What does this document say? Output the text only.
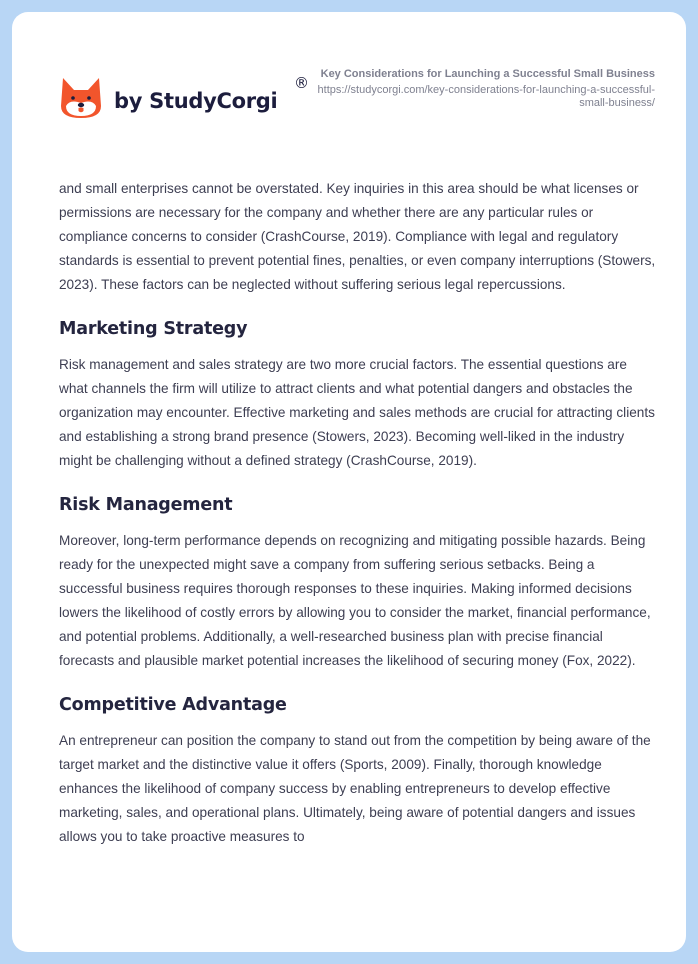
by StudyCorgi
®	Key Considerations for Launching a Successful Small Business
https://studycorgi.com/key-considerations-for-launching-a-successful-small-business/

and small enterprises cannot be overstated. Key inquiries in this area should be what licenses or permissions are necessary for the company and whether there are any particular rules or compliance concerns to consider (CrashCourse, 2019). Compliance with legal and regulatory standards is essential to prevent potential fines, penalties, or even company interruptions (Stowers, 2023). These factors can be neglected without suffering serious legal repercussions.

Marketing Strategy

Risk management and sales strategy are two more crucial factors. The essential questions are what channels the firm will utilize to attract clients and what potential dangers and obstacles the organization may encounter. Effective marketing and sales methods are crucial for attracting clients and establishing a strong brand presence (Stowers, 2023). Becoming well-liked in the industry might be challenging without a defined strategy (CrashCourse, 2019).

Risk Management

Moreover, long-term performance depends on recognizing and mitigating possible hazards. Being ready for the unexpected might save a company from suffering serious setbacks. Being a successful business requires thorough responses to these inquiries. Making informed decisions lowers the likelihood of costly errors by allowing you to consider the market, financial performance, and potential problems. Additionally, a well-researched business plan with precise financial forecasts and plausible market potential increases the likelihood of securing money (Fox, 2022).

Competitive Advantage

An entrepreneur can position the company to stand out from the competition by being aware of the target market and the distinctive value it offers (Sports, 2009). Finally, thorough knowledge enhances the likelihood of company success by enabling entrepreneurs to develop effective marketing, sales, and operational plans. Ultimately, being aware of potential dangers and issues allows you to take proactive measures to
